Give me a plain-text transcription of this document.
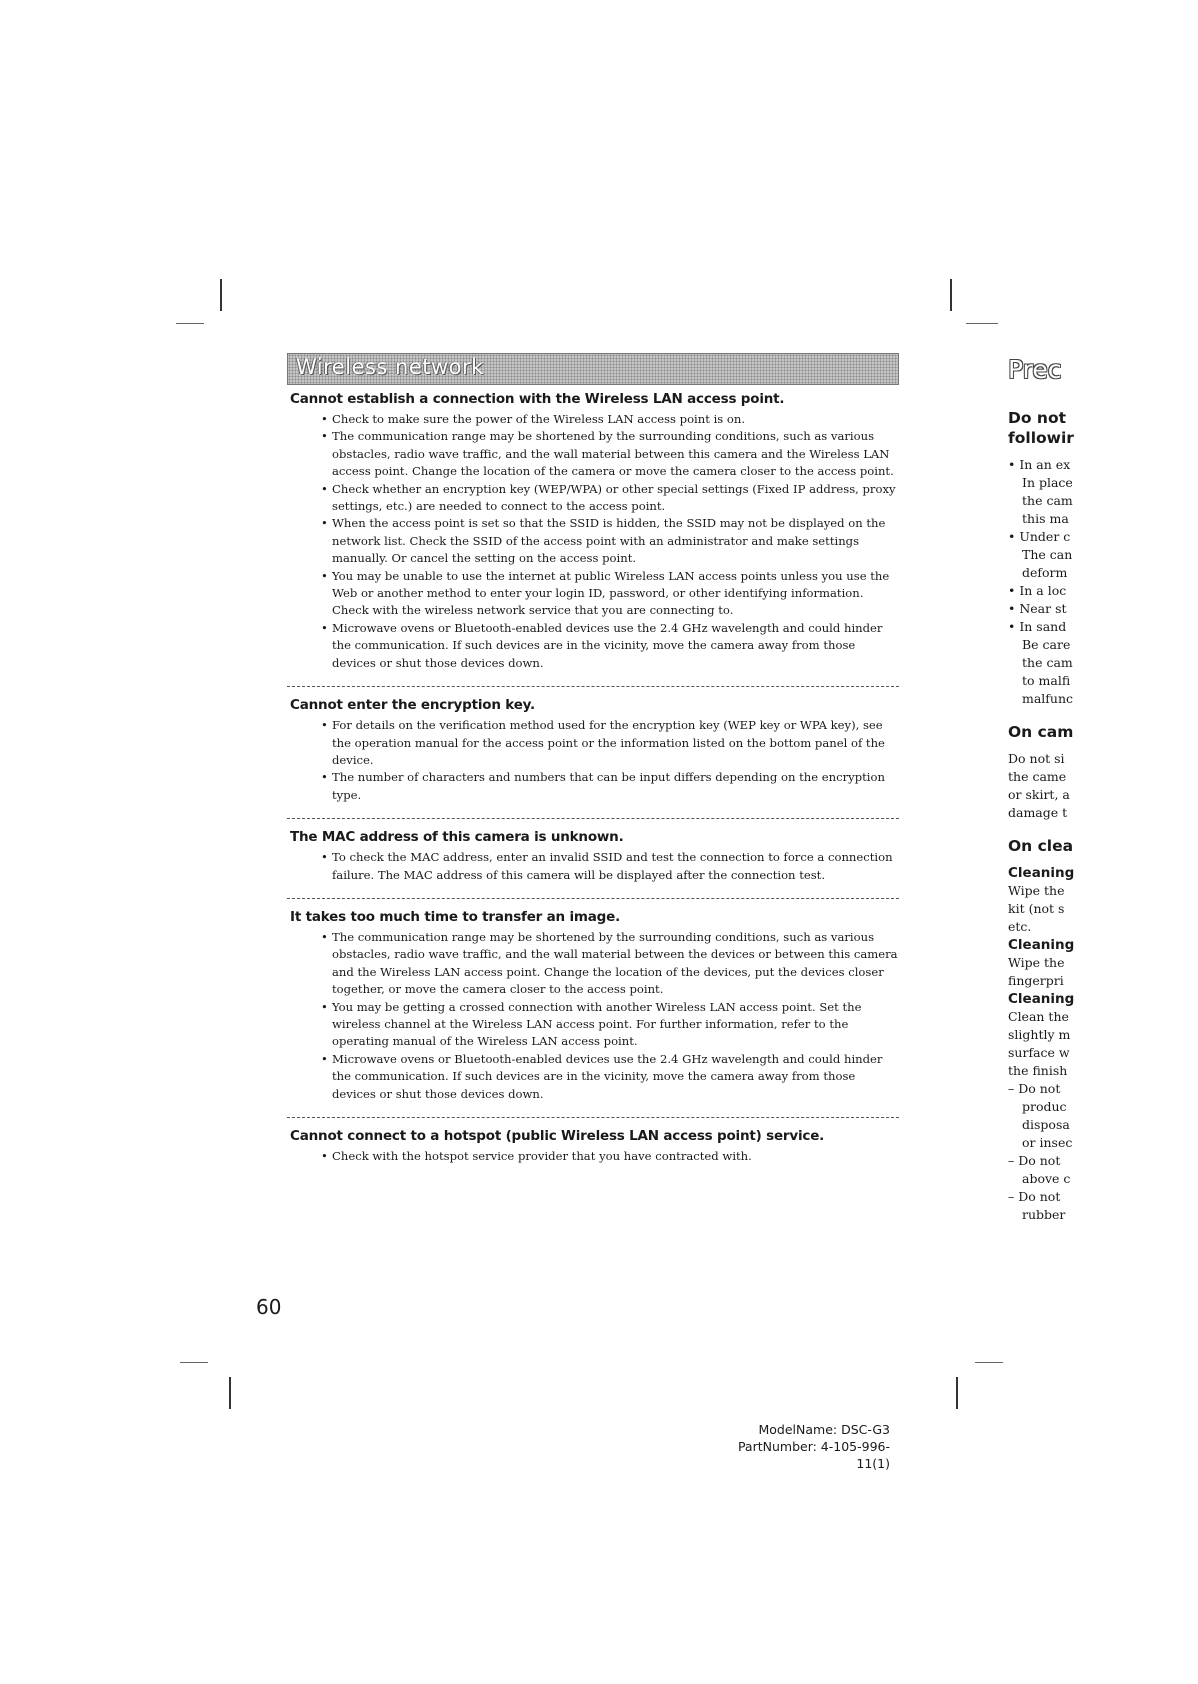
Wireless network
Cannot establish a connection with the Wireless LAN access point.
• Check to make sure the power of the Wireless LAN access point is on.
• The communication range may be shortened by the surrounding conditions, such as various obstacles, radio wave traffic, and the wall material between this camera and the Wireless LAN access point. Change the location of the camera or move the camera closer to the access point.
• Check whether an encryption key (WEP/WPA) or other special settings (Fixed IP address, proxy settings, etc.) are needed to connect to the access point.
• When the access point is set so that the SSID is hidden, the SSID may not be displayed on the network list. Check the SSID of the access point with an administrator and make settings manually. Or cancel the setting on the access point.
• You may be unable to use the internet at public Wireless LAN access points unless you use the Web or another method to enter your login ID, password, or other identifying information. Check with the wireless network service that you are connecting to.
• Microwave ovens or Bluetooth-enabled devices use the 2.4 GHz wavelength and could hinder the communication. If such devices are in the vicinity, move the camera away from those devices or shut those devices down.
Cannot enter the encryption key.
• For details on the verification method used for the encryption key (WEP key or WPA key), see the operation manual for the access point or the information listed on the bottom panel of the device.
• The number of characters and numbers that can be input differs depending on the encryption type.
The MAC address of this camera is unknown.
• To check the MAC address, enter an invalid SSID and test the connection to force a connection failure. The MAC address of this camera will be displayed after the connection test.
It takes too much time to transfer an image.
• The communication range may be shortened by the surrounding conditions, such as various obstacles, radio wave traffic, and the wall material between the devices or between this camera and the Wireless LAN access point. Change the location of the devices, put the devices closer together, or move the camera closer to the access point.
• You may be getting a crossed connection with another Wireless LAN access point. Set the wireless channel at the Wireless LAN access point. For further information, refer to the operating manual of the Wireless LAN access point.
• Microwave ovens or Bluetooth-enabled devices use the 2.4 GHz wavelength and could hinder the communication. If such devices are in the vicinity, move the camera away from those devices or shut those devices down.
Cannot connect to a hotspot (public Wireless LAN access point) service.
• Check with the hotspot service provider that you have contracted with.
Prec
Do not
followir
• In an ex
In place
the cam
this ma
• Under c
The can
deform
• In a loc
• Near st
• In sand
Be care
the cam
to malfi
malfunc
On cam
Do not si
the came
or skirt, a
damage t
On clea
Cleaning
Wipe the
kit (not s
etc.
Cleaning
Wipe the
fingerpri
Cleaning
Clean the
slightly m
surface w
the finish
– Do not
produc
disposa
or insec
– Do not
above c
– Do not
rubber
60
ModelName: DSC-G3
PartNumber: 4-105-996-11(1)
